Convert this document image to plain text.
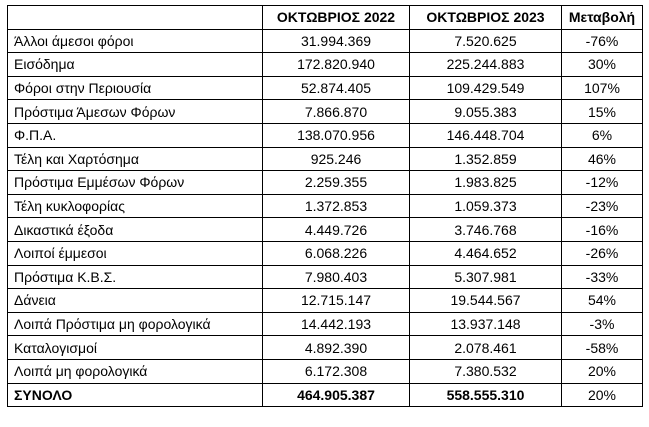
	ΟΚΤΩΒΡΙΟΣ 2022	ΟΚΤΩΒΡΙΟΣ 2023	Μεταβολή
Άλλοι άμεσοι φόροι	31.994.369	7.520.625	-76%
Εισόδημα	172.820.940	225.244.883	30%
Φόροι στην Περιουσία	52.874.405	109.429.549	107%
Πρόστιμα Άμεσων Φόρων	7.866.870	9.055.383	15%
Φ.Π.Α.	138.070.956	146.448.704	6%
Τέλη και Χαρτόσημα	925.246	1.352.859	46%
Πρόστιμα Εμμέσων Φόρων	2.259.355	1.983.825	-12%
Τέλη κυκλοφορίας	1.372.853	1.059.373	-23%
Δικαστικά έξοδα	4.449.726	3.746.768	-16%
Λοιποί έμμεσοι	6.068.226	4.464.652	-26%
Πρόστιμα Κ.Β.Σ.	7.980.403	5.307.981	-33%
Δάνεια	12.715.147	19.544.567	54%
Λοιπά Πρόστιμα μη φορολογικά	14.442.193	13.937.148	-3%
Καταλογισμοί	4.892.390	2.078.461	-58%
Λοιπά μη φορολογικά	6.172.308	7.380.532	20%
ΣΥΝΟΛΟ	464.905.387	558.555.310	20%
